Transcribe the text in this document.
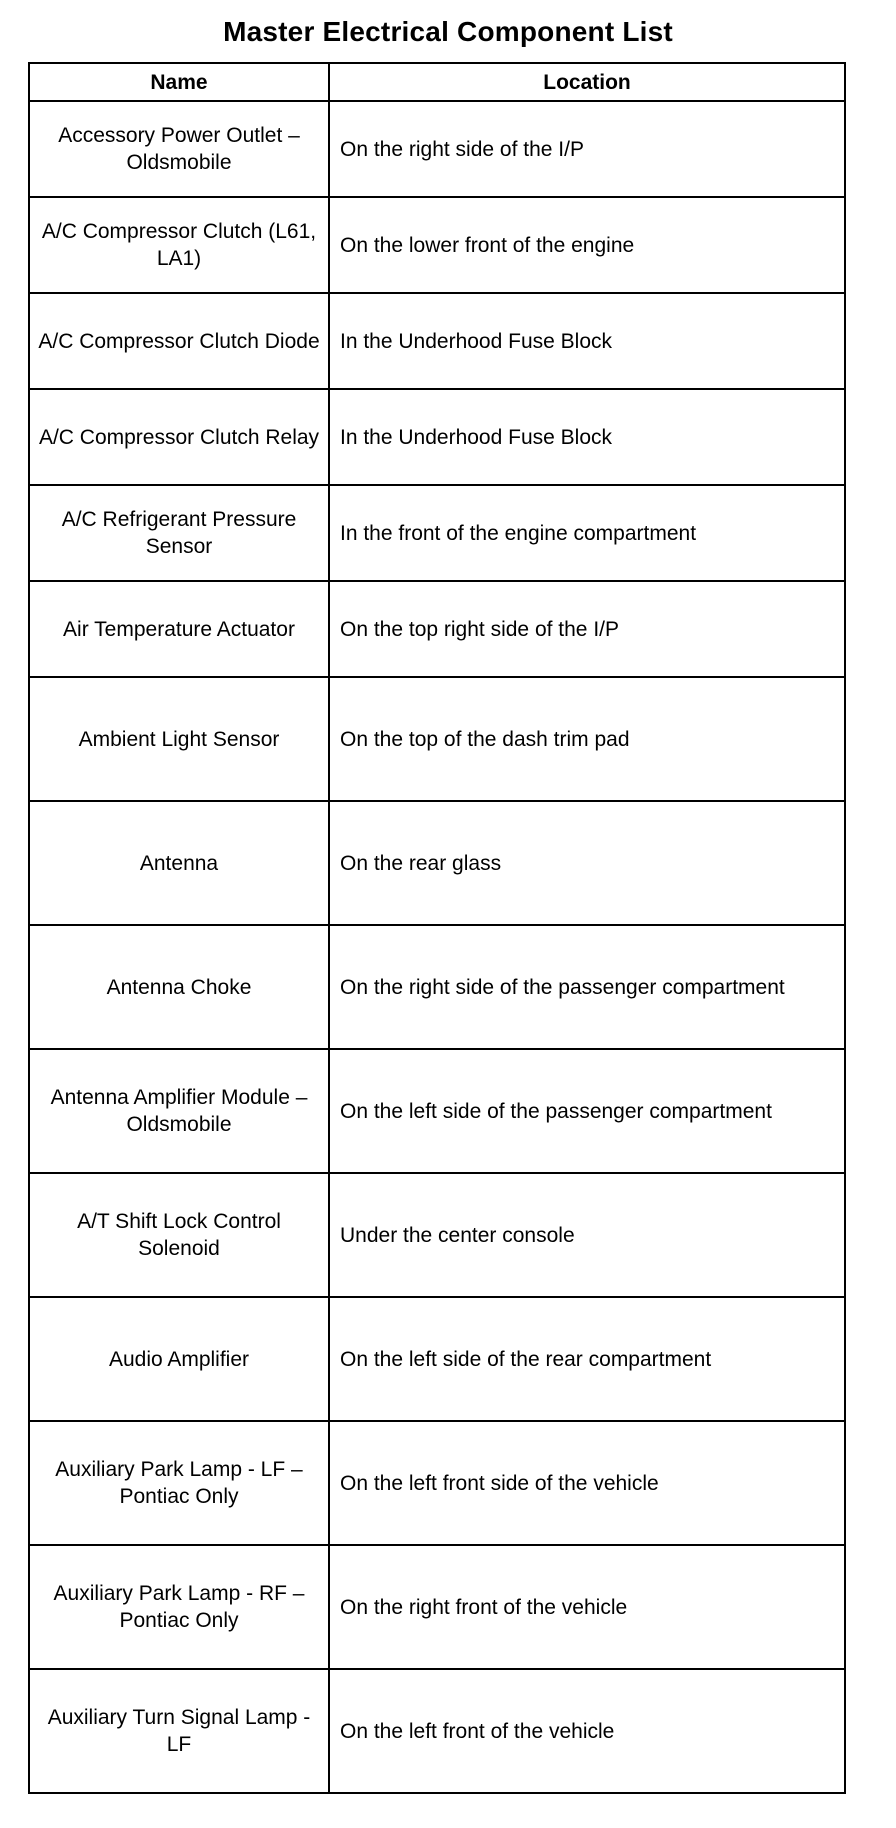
Master Electrical Component List
Name	Location
Accessory Power Outlet – Oldsmobile	On the right side of the I/P
A/C Compressor Clutch (L61, LA1)	On the lower front of the engine
A/C Compressor Clutch Diode	In the Underhood Fuse Block
A/C Compressor Clutch Relay	In the Underhood Fuse Block
A/C Refrigerant Pressure Sensor	In the front of the engine compartment
Air Temperature Actuator	On the top right side of the I/P
Ambient Light Sensor	On the top of the dash trim pad
Antenna	On the rear glass
Antenna Choke	On the right side of the passenger compartment
Antenna Amplifier Module – Oldsmobile	On the left side of the passenger compartment
A/T Shift Lock Control Solenoid	Under the center console
Audio Amplifier	On the left side of the rear compartment
Auxiliary Park Lamp - LF – Pontiac Only	On the left front side of the vehicle
Auxiliary Park Lamp - RF – Pontiac Only	On the right front of the vehicle
Auxiliary Turn Signal Lamp - LF	On the left front of the vehicle
